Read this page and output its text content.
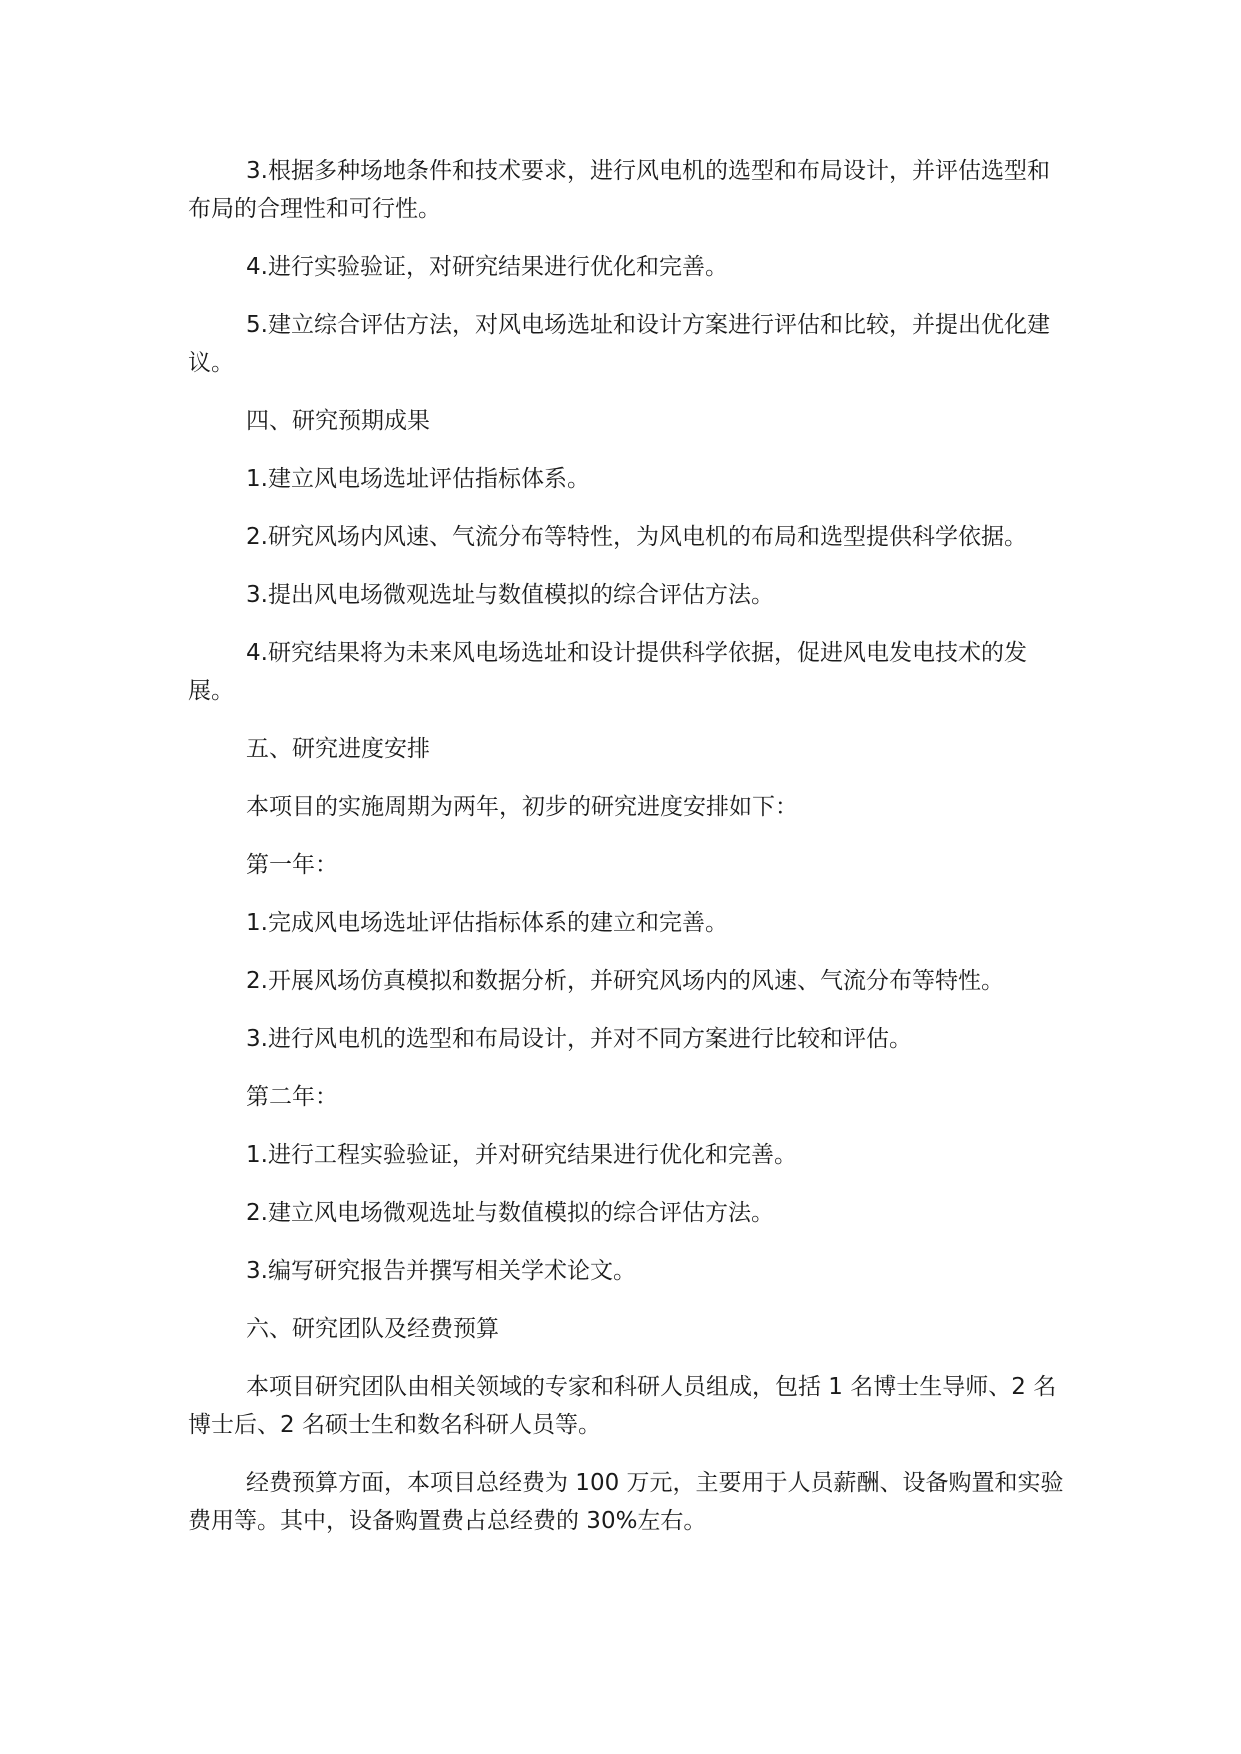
3.根据多种场地条件和技术要求，进行风电机的选型和布局设计，并评估选型和布局的合理性和可行性。

4.进行实验验证，对研究结果进行优化和完善。

5.建立综合评估方法，对风电场选址和设计方案进行评估和比较，并提出优化建议。

四、研究预期成果

1.建立风电场选址评估指标体系。

2.研究风场内风速、气流分布等特性，为风电机的布局和选型提供科学依据。

3.提出风电场微观选址与数值模拟的综合评估方法。

4.研究结果将为未来风电场选址和设计提供科学依据，促进风电发电技术的发展。

五、研究进度安排

本项目的实施周期为两年，初步的研究进度安排如下：

第一年：

1.完成风电场选址评估指标体系的建立和完善。

2.开展风场仿真模拟和数据分析，并研究风场内的风速、气流分布等特性。

3.进行风电机的选型和布局设计，并对不同方案进行比较和评估。

第二年：

1.进行工程实验验证，并对研究结果进行优化和完善。

2.建立风电场微观选址与数值模拟的综合评估方法。

3.编写研究报告并撰写相关学术论文。

六、研究团队及经费预算

本项目研究团队由相关领域的专家和科研人员组成，包括 1 名博士生导师、2 名博士后、2 名硕士生和数名科研人员等。

经费预算方面，本项目总经费为 100 万元，主要用于人员薪酬、设备购置和实验费用等。其中，设备购置费占总经费的 30%左右。
